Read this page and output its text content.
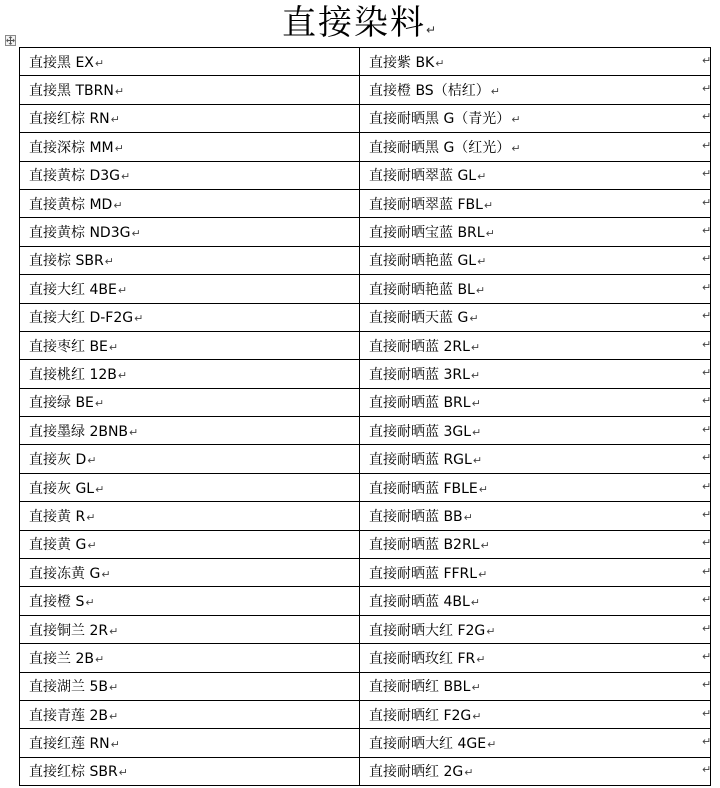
直接染料↵
直接黑 EX↵	直接紫 BK↵
直接黑 TBRN↵	直接橙 BS（桔红）↵
直接红棕 RN↵	直接耐晒黑 G（青光）↵
直接深棕 MM↵	直接耐晒黑 G（红光）↵
直接黄棕 D3G↵	直接耐晒翠蓝 GL↵
直接黄棕 MD↵	直接耐晒翠蓝 FBL↵
直接黄棕 ND3G↵	直接耐晒宝蓝 BRL↵
直接棕 SBR↵	直接耐晒艳蓝 GL↵
直接大红 4BE↵	直接耐晒艳蓝 BL↵
直接大红 D-F2G↵	直接耐晒天蓝 G↵
直接枣红 BE↵	直接耐晒蓝 2RL↵
直接桃红 12B↵	直接耐晒蓝 3RL↵
直接绿 BE↵	直接耐晒蓝 BRL↵
直接墨绿 2BNB↵	直接耐晒蓝 3GL↵
直接灰 D↵	直接耐晒蓝 RGL↵
直接灰 GL↵	直接耐晒蓝 FBLE↵
直接黄 R↵	直接耐晒蓝 BB↵
直接黄 G↵	直接耐晒蓝 B2RL↵
直接冻黄 G↵	直接耐晒蓝 FFRL↵
直接橙 S↵	直接耐晒蓝 4BL↵
直接铜兰 2R↵	直接耐晒大红 F2G↵
直接兰 2B↵	直接耐晒玫红 FR↵
直接湖兰 5B↵	直接耐晒红 BBL↵
直接青莲 2B↵	直接耐晒红 F2G↵
直接红莲 RN↵	直接耐晒大红 4GE↵
直接红棕 SBR↵	直接耐晒红 2G↵
↵
↵
↵
↵
↵
↵
↵
↵
↵
↵
↵
↵
↵
↵
↵
↵
↵
↵
↵
↵
↵
↵
↵
↵
↵
↵
